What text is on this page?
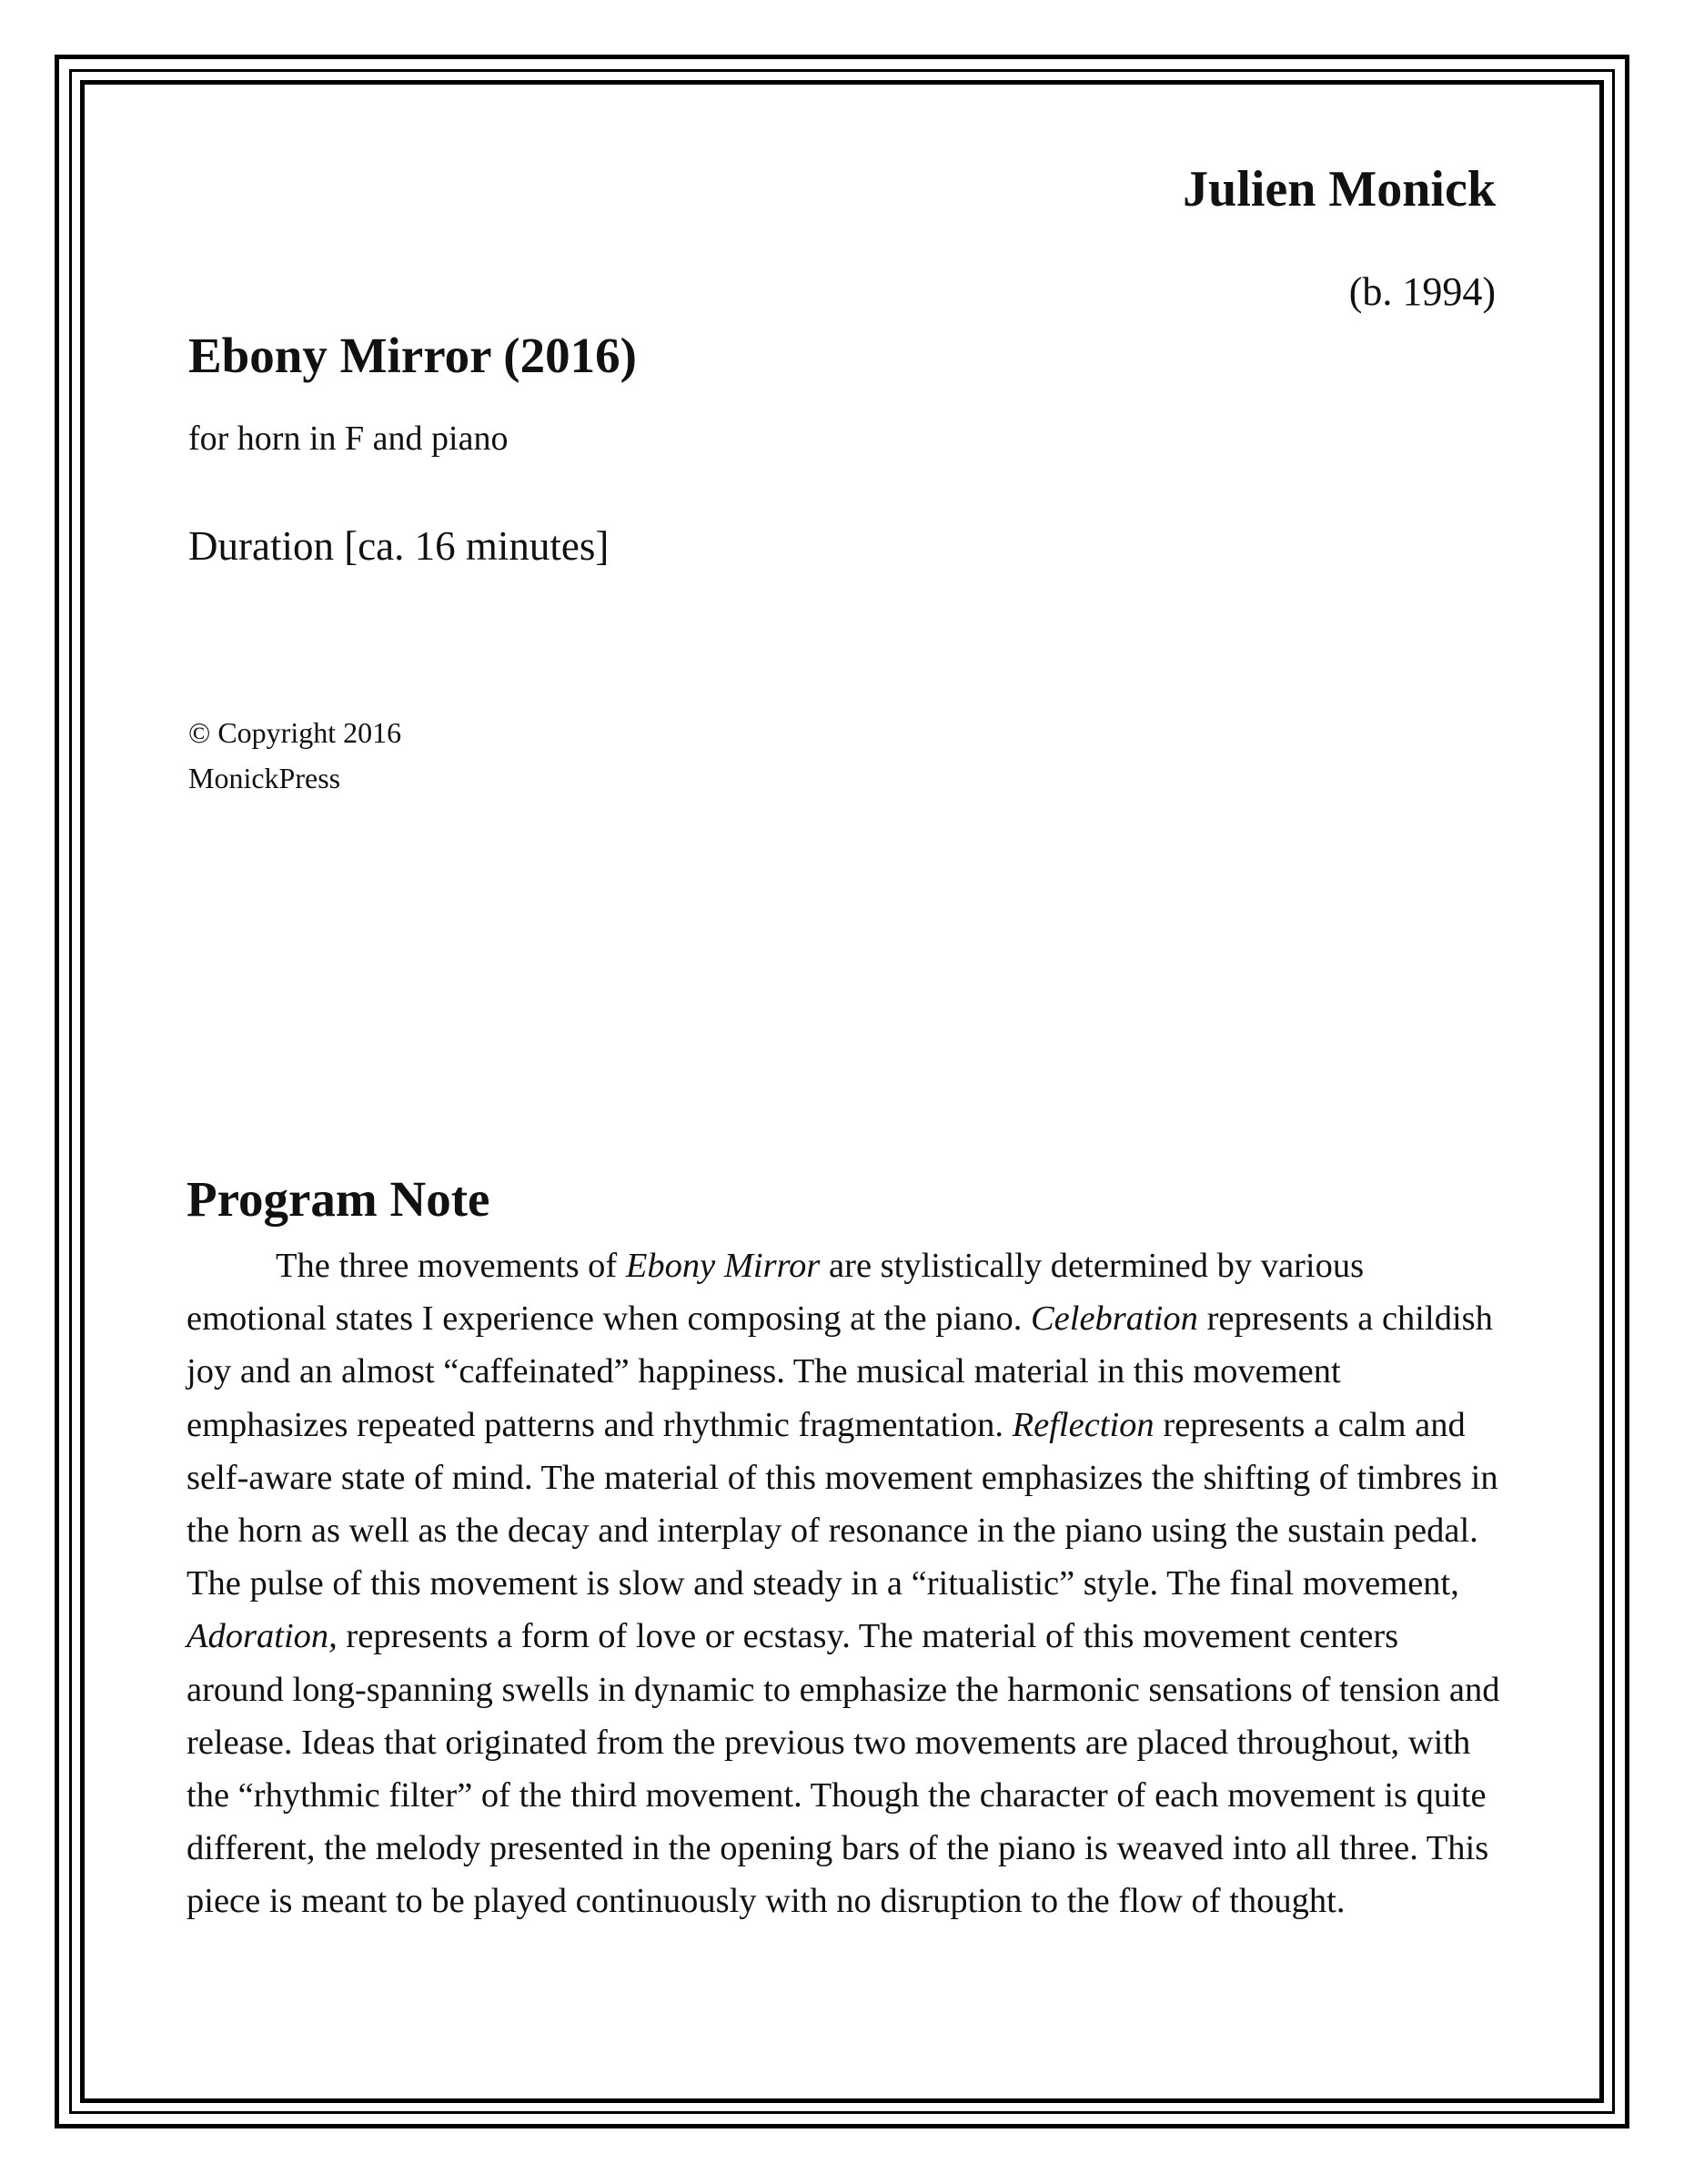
Julien Monick
(b. 1994)
Ebony Mirror (2016)
for horn in F and piano
Duration [ca. 16 minutes]
© Copyright 2016
MonickPress
Program Note

The three movements of Ebony Mirror are stylistically determined by various emotional states I experience when composing at the piano. Celebration represents a childish joy and an almost “caffeinated” happiness. The musical material in this movement emphasizes repeated patterns and rhythmic fragmentation. Reflection represents a calm and self-aware state of mind. The material of this movement emphasizes the shifting of timbres in the horn as well as the decay and interplay of resonance in the piano using the sustain pedal. The pulse of this movement is slow and steady in a “ritualistic” style. The final movement, Adoration, represents a form of love or ecstasy. The material of this movement centers around long-spanning swells in dynamic to emphasize the harmonic sensations of tension and release. Ideas that originated from the previous two movements are placed throughout, with the “rhythmic filter” of the third movement. Though the character of each movement is quite different, the melody presented in the opening bars of the piano is weaved into all three. This piece is meant to be played continuously with no disruption to the flow of thought.
